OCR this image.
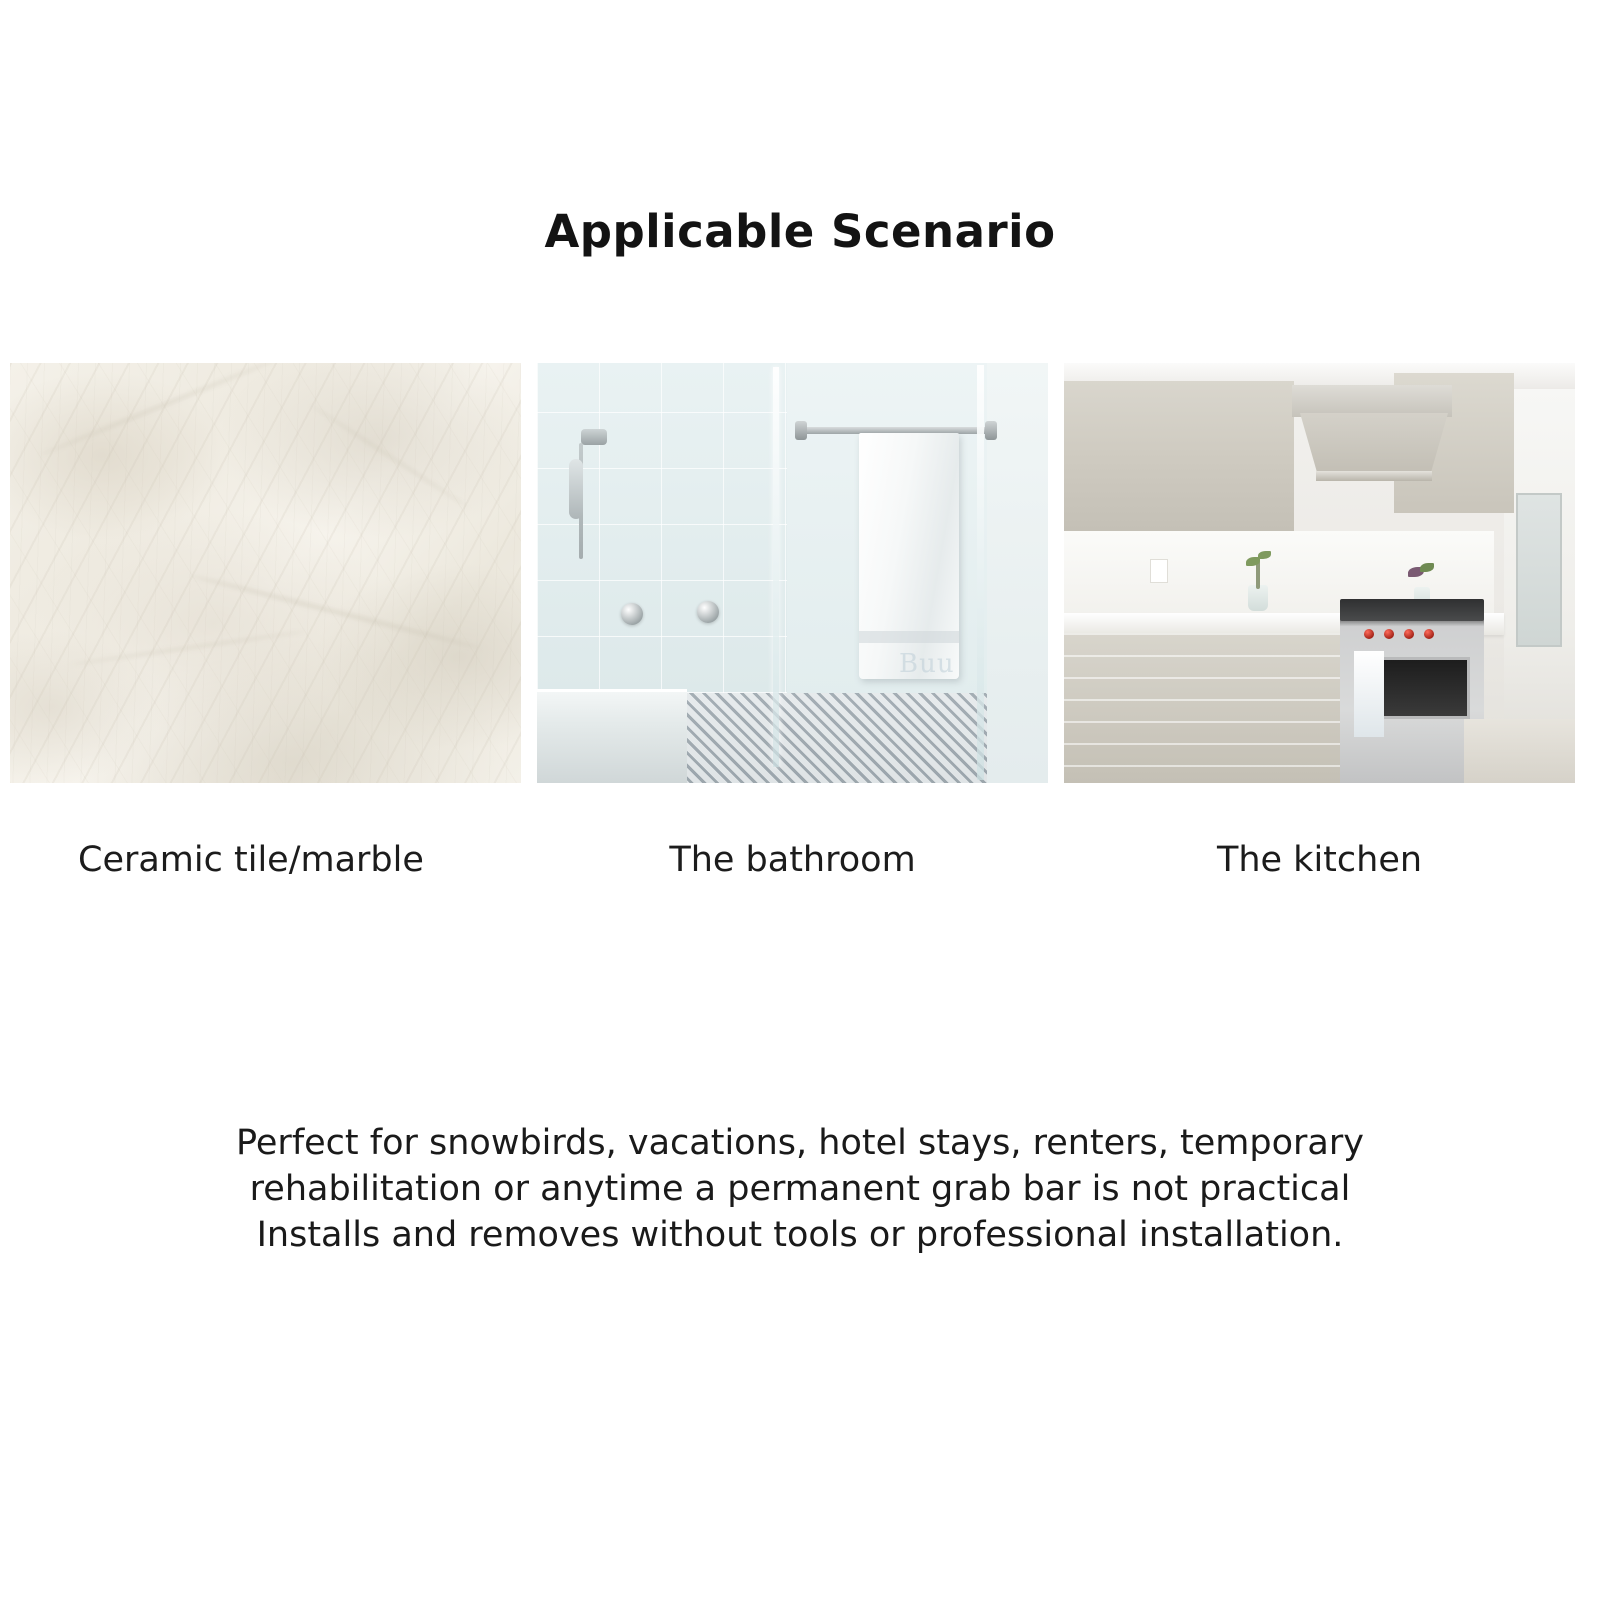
Applicable Scenario
Buu
Ceramic tile/marble	The bathroom	The kitchen
Perfect for snowbirds, vacations, hotel stays, renters, temporary rehabilitation or anytime a permanent grab bar is not practical Installs and removes without tools or professional installation.
